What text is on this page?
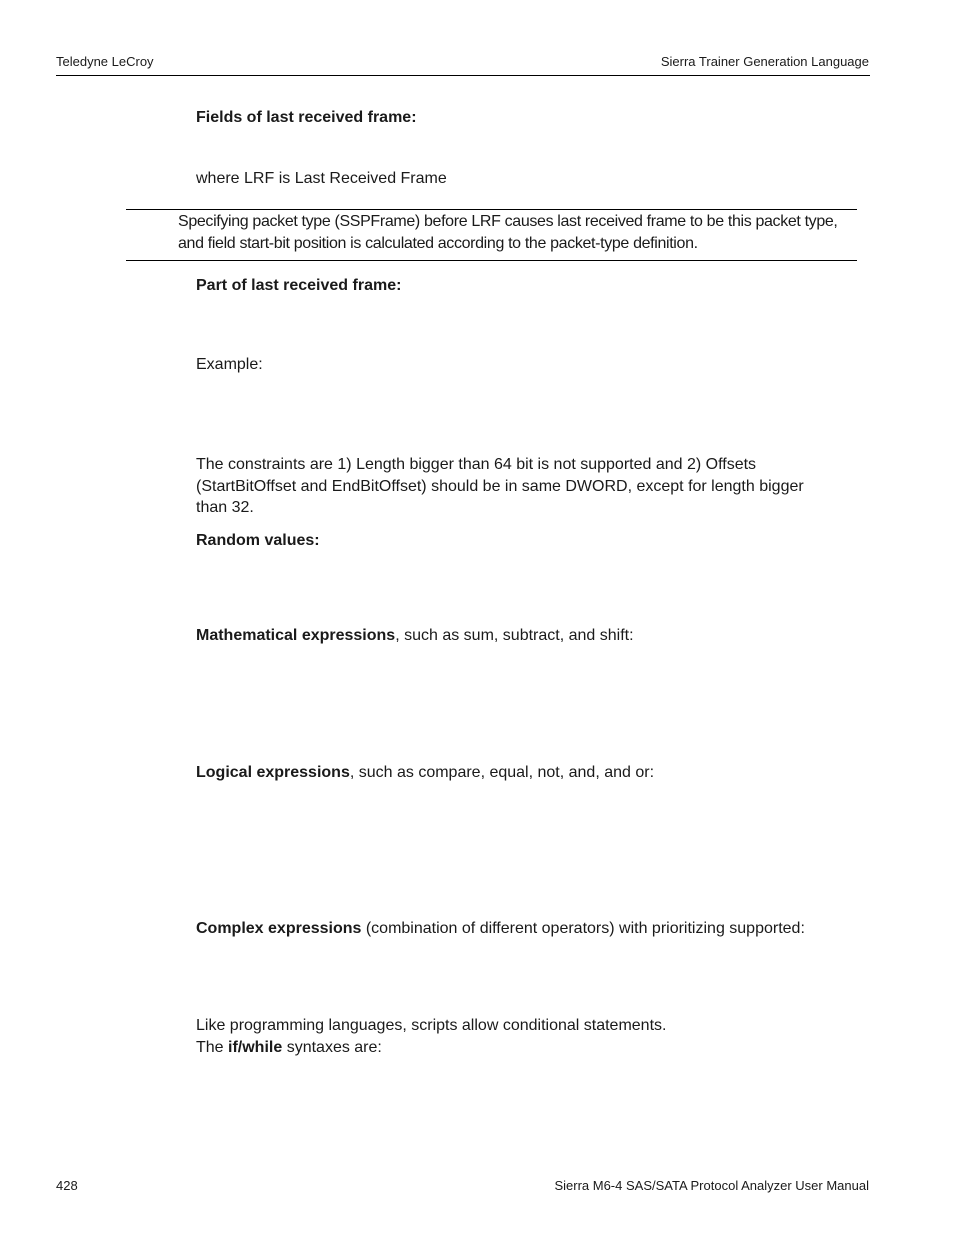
Teledyne LeCroy	Sierra Trainer Generation Language
Fields of last received frame:
where LRF is Last Received Frame
Specifying packet type (SSPFrame) before LRF causes last received frame to be this packet type,
and field start-bit position is calculated according to the packet-type definition.
Part of last received frame:
Example:
The constraints are 1) Length bigger than 64 bit is not supported and 2) Offsets
(StartBitOffset and EndBitOffset) should be in same DWORD, except for length bigger
than 32.
Random values:
Mathematical expressions, such as sum, subtract, and shift:
Logical expressions, such as compare, equal, not, and, and or:
Complex expressions (combination of different operators) with prioritizing supported:
Like programming languages, scripts allow conditional statements.
The if/while syntaxes are:
428	Sierra M6-4 SAS/SATA Protocol Analyzer User Manual
